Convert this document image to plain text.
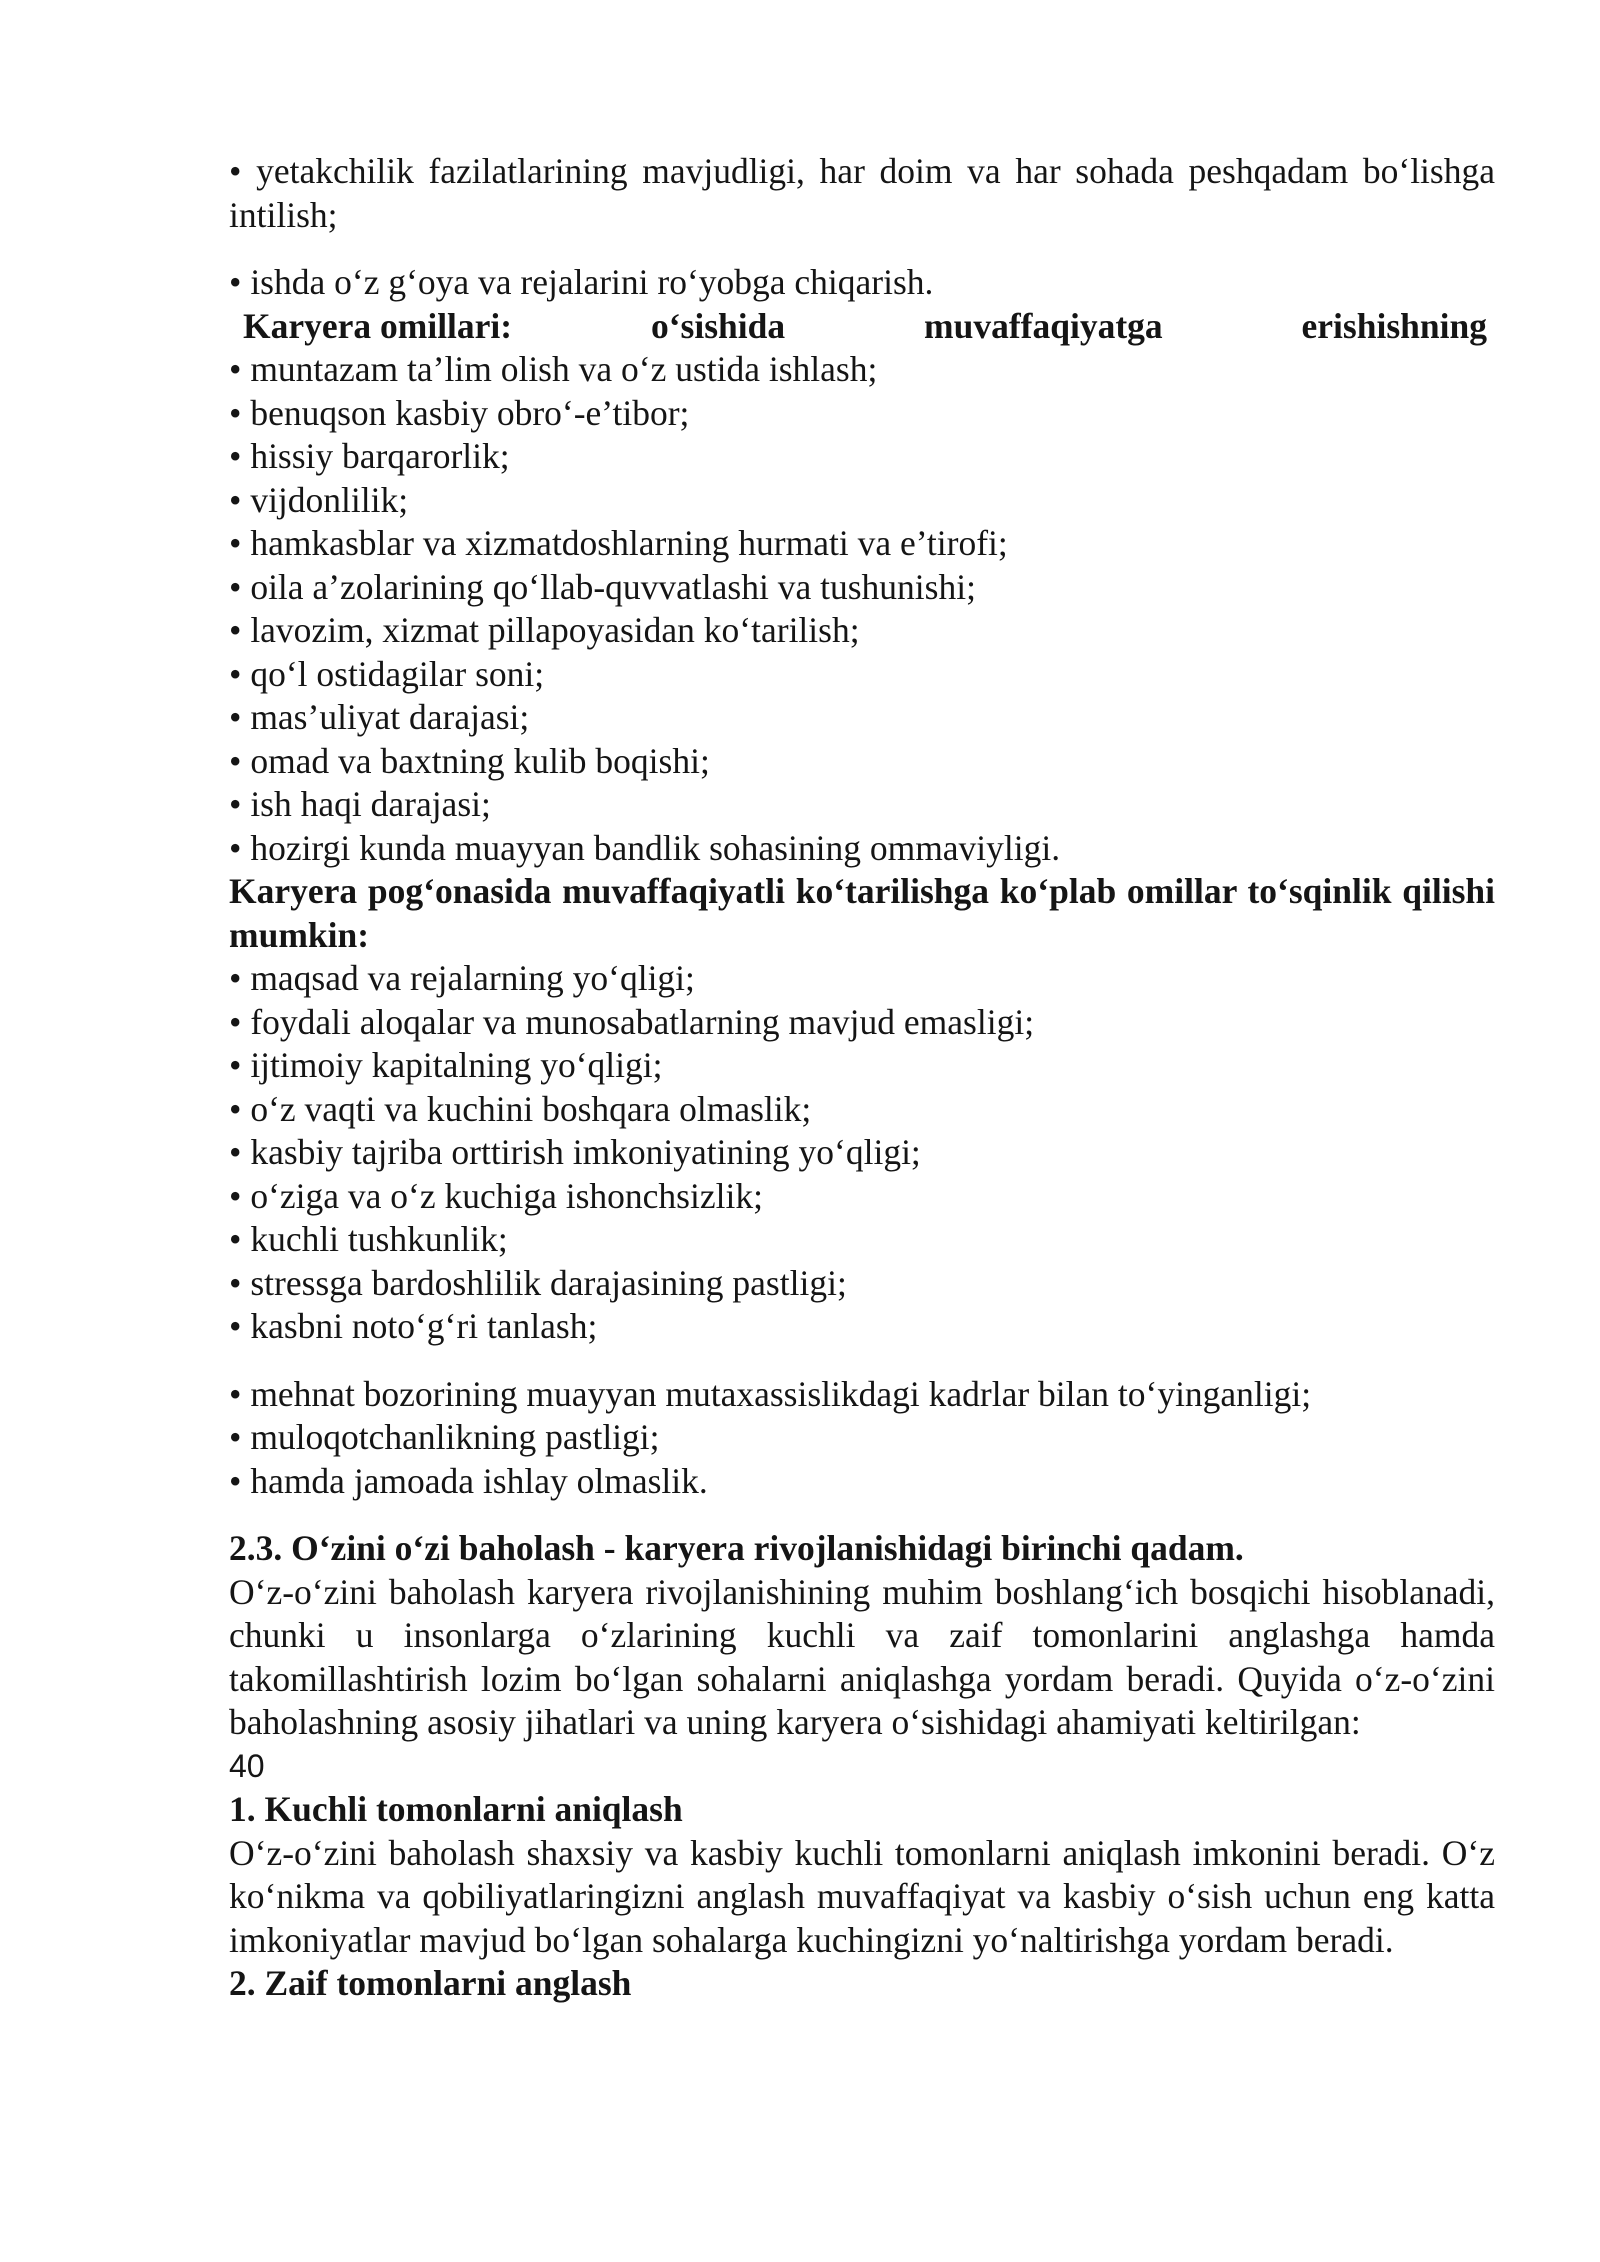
• yetakchilik fazilatlarining mavjudligi, har doim va har sohada peshqadam bo‘lishga intilish;

• ishda o‘z g‘oya va rejalarini ro‘yobga chiqarish.

Karyera omillari:	o‘sishida	muvaffaqiyatga	erishishning

• muntazam ta’lim olish va o‘z ustida ishlash;

• benuqson kasbiy obro‘-e’tibor;

• hissiy barqarorlik;

• vijdonlilik;

• hamkasblar va xizmatdoshlarning hurmati va e’tirofi;

• oila a’zolarining qo‘llab-quvvatlashi va tushunishi;

• lavozim, xizmat pillapoyasidan ko‘tarilish;

• qo‘l ostidagilar soni;

• mas’uliyat darajasi;

• omad va baxtning kulib boqishi;

• ish haqi darajasi;

• hozirgi kunda muayyan bandlik sohasining ommaviyligi.

Karyera pog‘onasida muvaffaqiyatli ko‘tarilishga ko‘plab omillar to‘sqinlik qilishi mumkin:

• maqsad va rejalarning yo‘qligi;

• foydali aloqalar va munosabatlarning mavjud emasligi;

• ijtimoiy kapitalning yo‘qligi;

• o‘z vaqti va kuchini boshqara olmaslik;

• kasbiy tajriba orttirish imkoniyatining yo‘qligi;

• o‘ziga va o‘z kuchiga ishonchsizlik;

• kuchli tushkunlik;

• stressga bardoshlilik darajasining pastligi;

• kasbni noto‘g‘ri tanlash;

• mehnat bozorining muayyan mutaxassislikdagi kadrlar bilan to‘yinganligi;

• muloqotchanlikning pastligi;

• hamda jamoada ishlay olmaslik.

2.3. O‘zini o‘zi baholash - karyera rivojlanishidagi birinchi qadam.

O‘z-o‘zini baholash karyera rivojlanishining muhim boshlang‘ich bosqichi hisoblanadi, chunki u insonlarga o‘zlarining kuchli va zaif tomonlarini anglashga hamda takomillashtirish lozim bo‘lgan sohalarni aniqlashga yordam beradi. Quyida o‘z-o‘zini baholashning asosiy jihatlari va uning karyera o‘sishidagi ahamiyati keltirilgan:

40

1. Kuchli tomonlarni aniqlash

O‘z-o‘zini baholash shaxsiy va kasbiy kuchli tomonlarni aniqlash imkonini beradi. O‘z ko‘nikma va qobiliyatlaringizni anglash muvaffaqiyat va kasbiy o‘sish uchun eng katta imkoniyatlar mavjud bo‘lgan sohalarga kuchingizni yo‘naltirishga yordam beradi.

2. Zaif tomonlarni anglash
